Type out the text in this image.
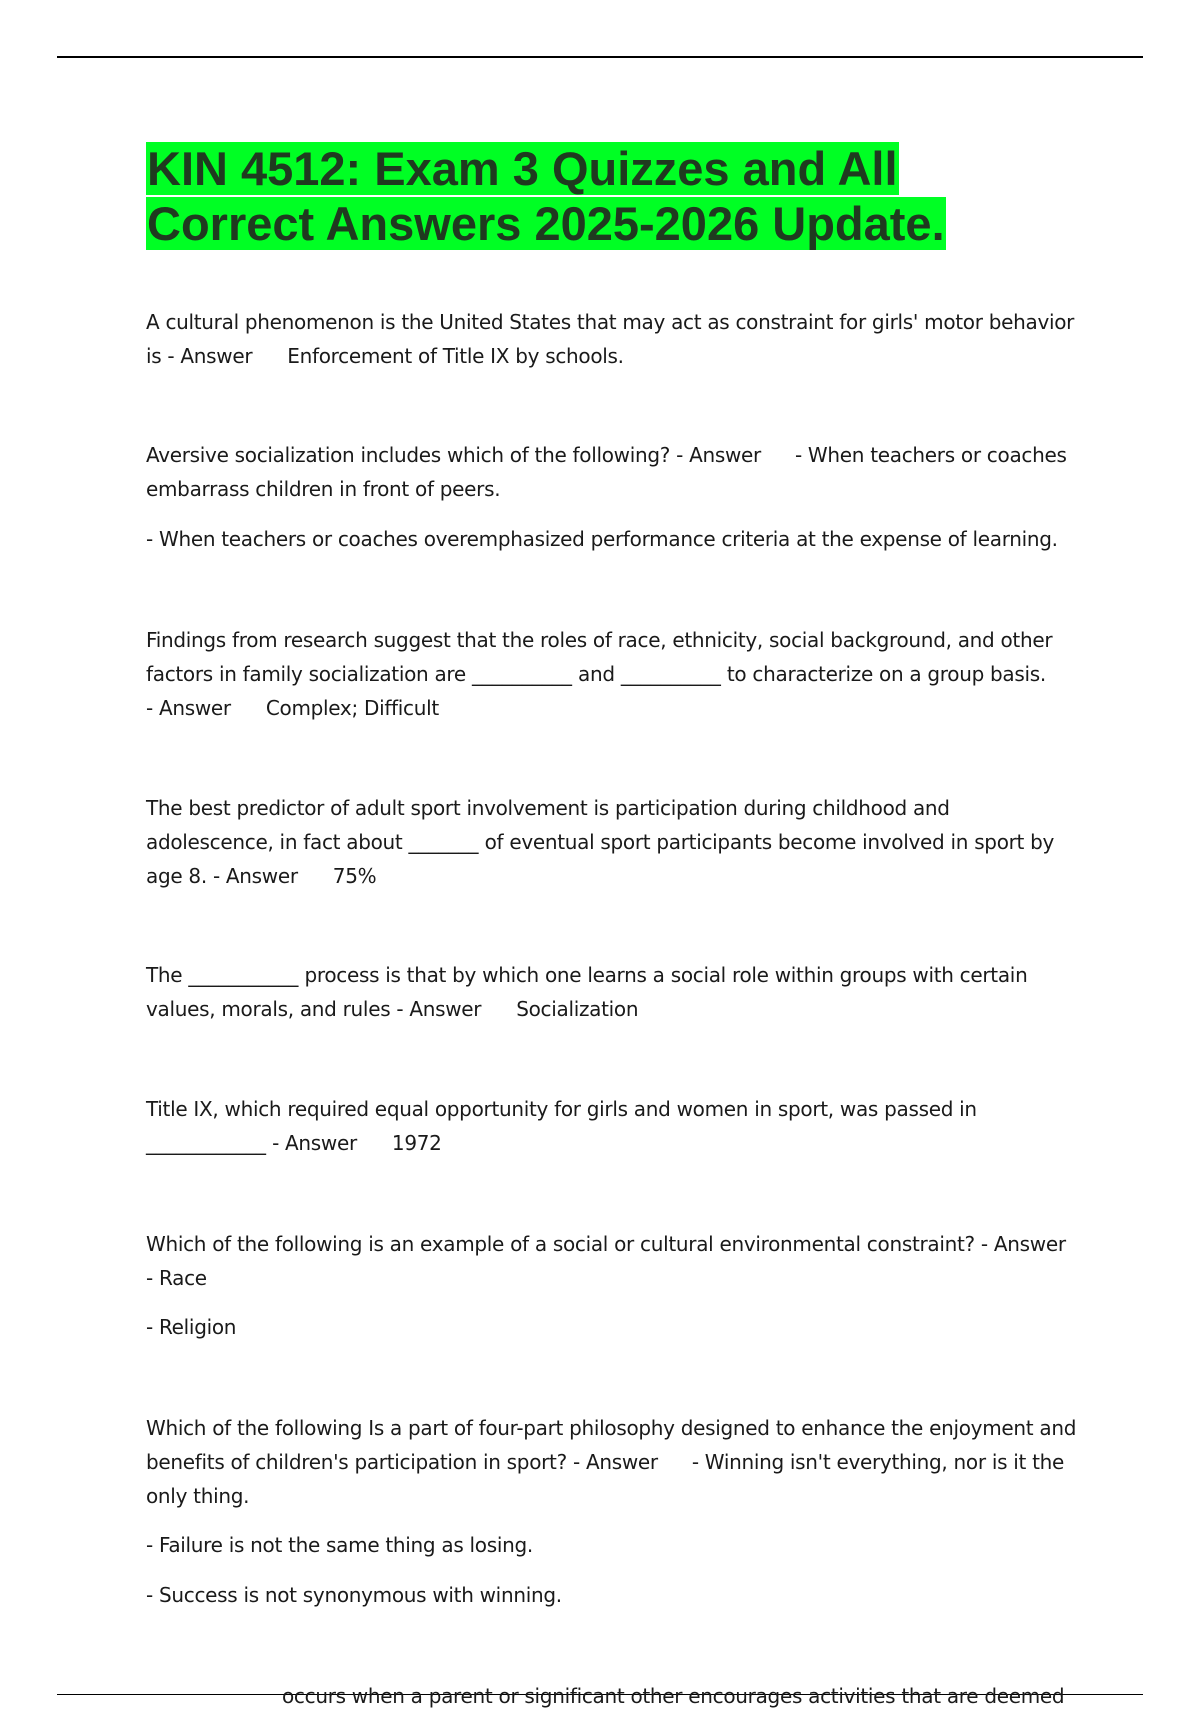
KIN 4512: Exam 3 Quizzes and All
Correct Answers 2025-2026 Update.

A cultural phenomenon is the United States that may act as constraint for girls' motor behavior
is - Answer Enforcement of Title IX by schools.

Aversive socialization includes which of the following? - Answer - When teachers or coaches
embarrass children in front of peers.

- When teachers or coaches overemphasized performance criteria at the expense of learning.

Findings from research suggest that the roles of race, ethnicity, social background, and other
factors in family socialization are __________ and __________ to characterize on a group basis.
- Answer Complex; Difficult

The best predictor of adult sport involvement is participation during childhood and
adolescence, in fact about _______ of eventual sport participants become involved in sport by
age 8. - Answer 75%

The ___________ process is that by which one learns a social role within groups with certain
values, morals, and rules - Answer Socialization

Title IX, which required equal opportunity for girls and women in sport, was passed in
____________ - Answer 1972

Which of the following is an example of a social or cultural environmental constraint? - Answer
- Race

- Religion

Which of the following Is a part of four-part philosophy designed to enhance the enjoyment and
benefits of children's participation in sport? - Answer - Winning isn't everything, nor is it the
only thing.

- Failure is not the same thing as losing.

- Success is not synonymous with winning.

occurs when a parent or significant other encourages activities that are deemed
